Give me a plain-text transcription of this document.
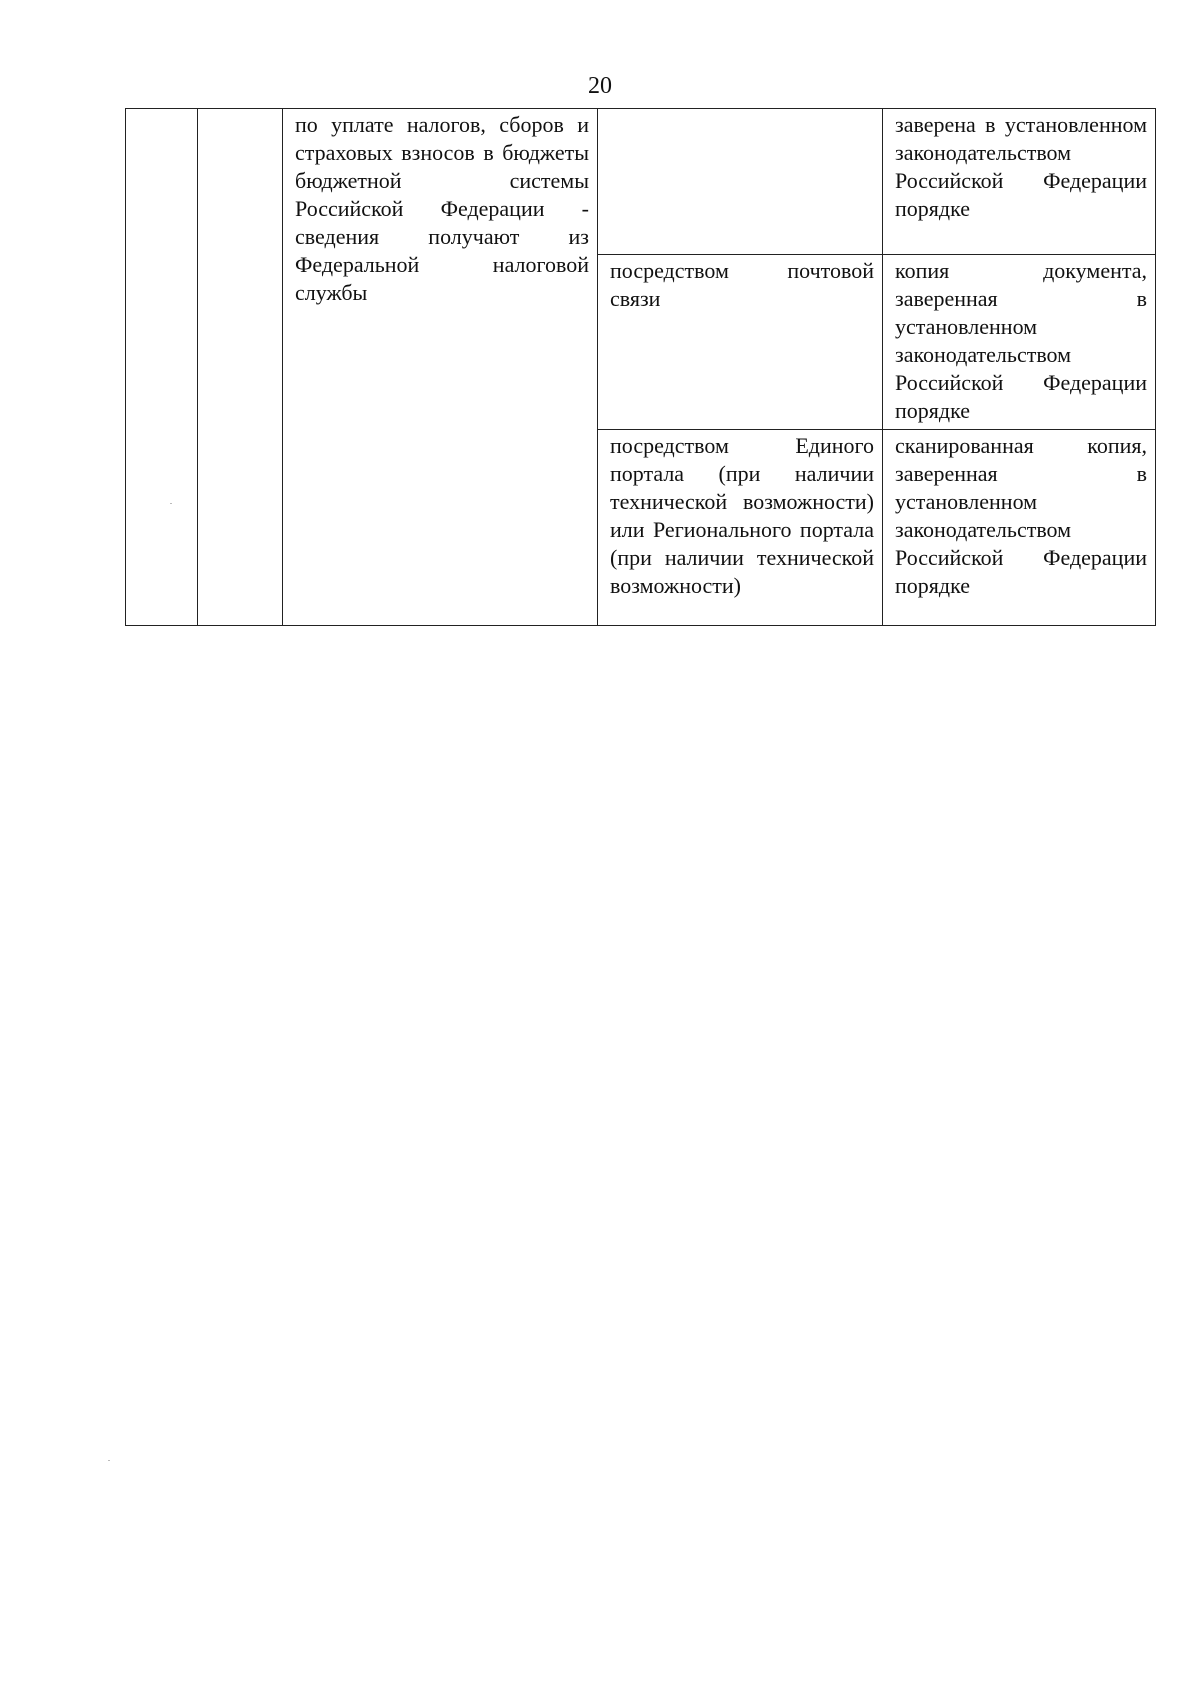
20

		по уплате налогов, сборов и страховых взносов в бюджеты бюджетной системы Российской Федерации - сведения получают из Федеральной налоговой службы		заверена в установленном законодательством Российской Федерации порядке

			посредством почтовой связи	копия документа, заверенная в установленном законодательством Российской Федерации порядке

			посредством Единого портала (при наличии технической возможности) или Регионального портала (при наличии технической возможности)	сканированная копия, заверенная в установленном законодательством Российской Федерации порядке
